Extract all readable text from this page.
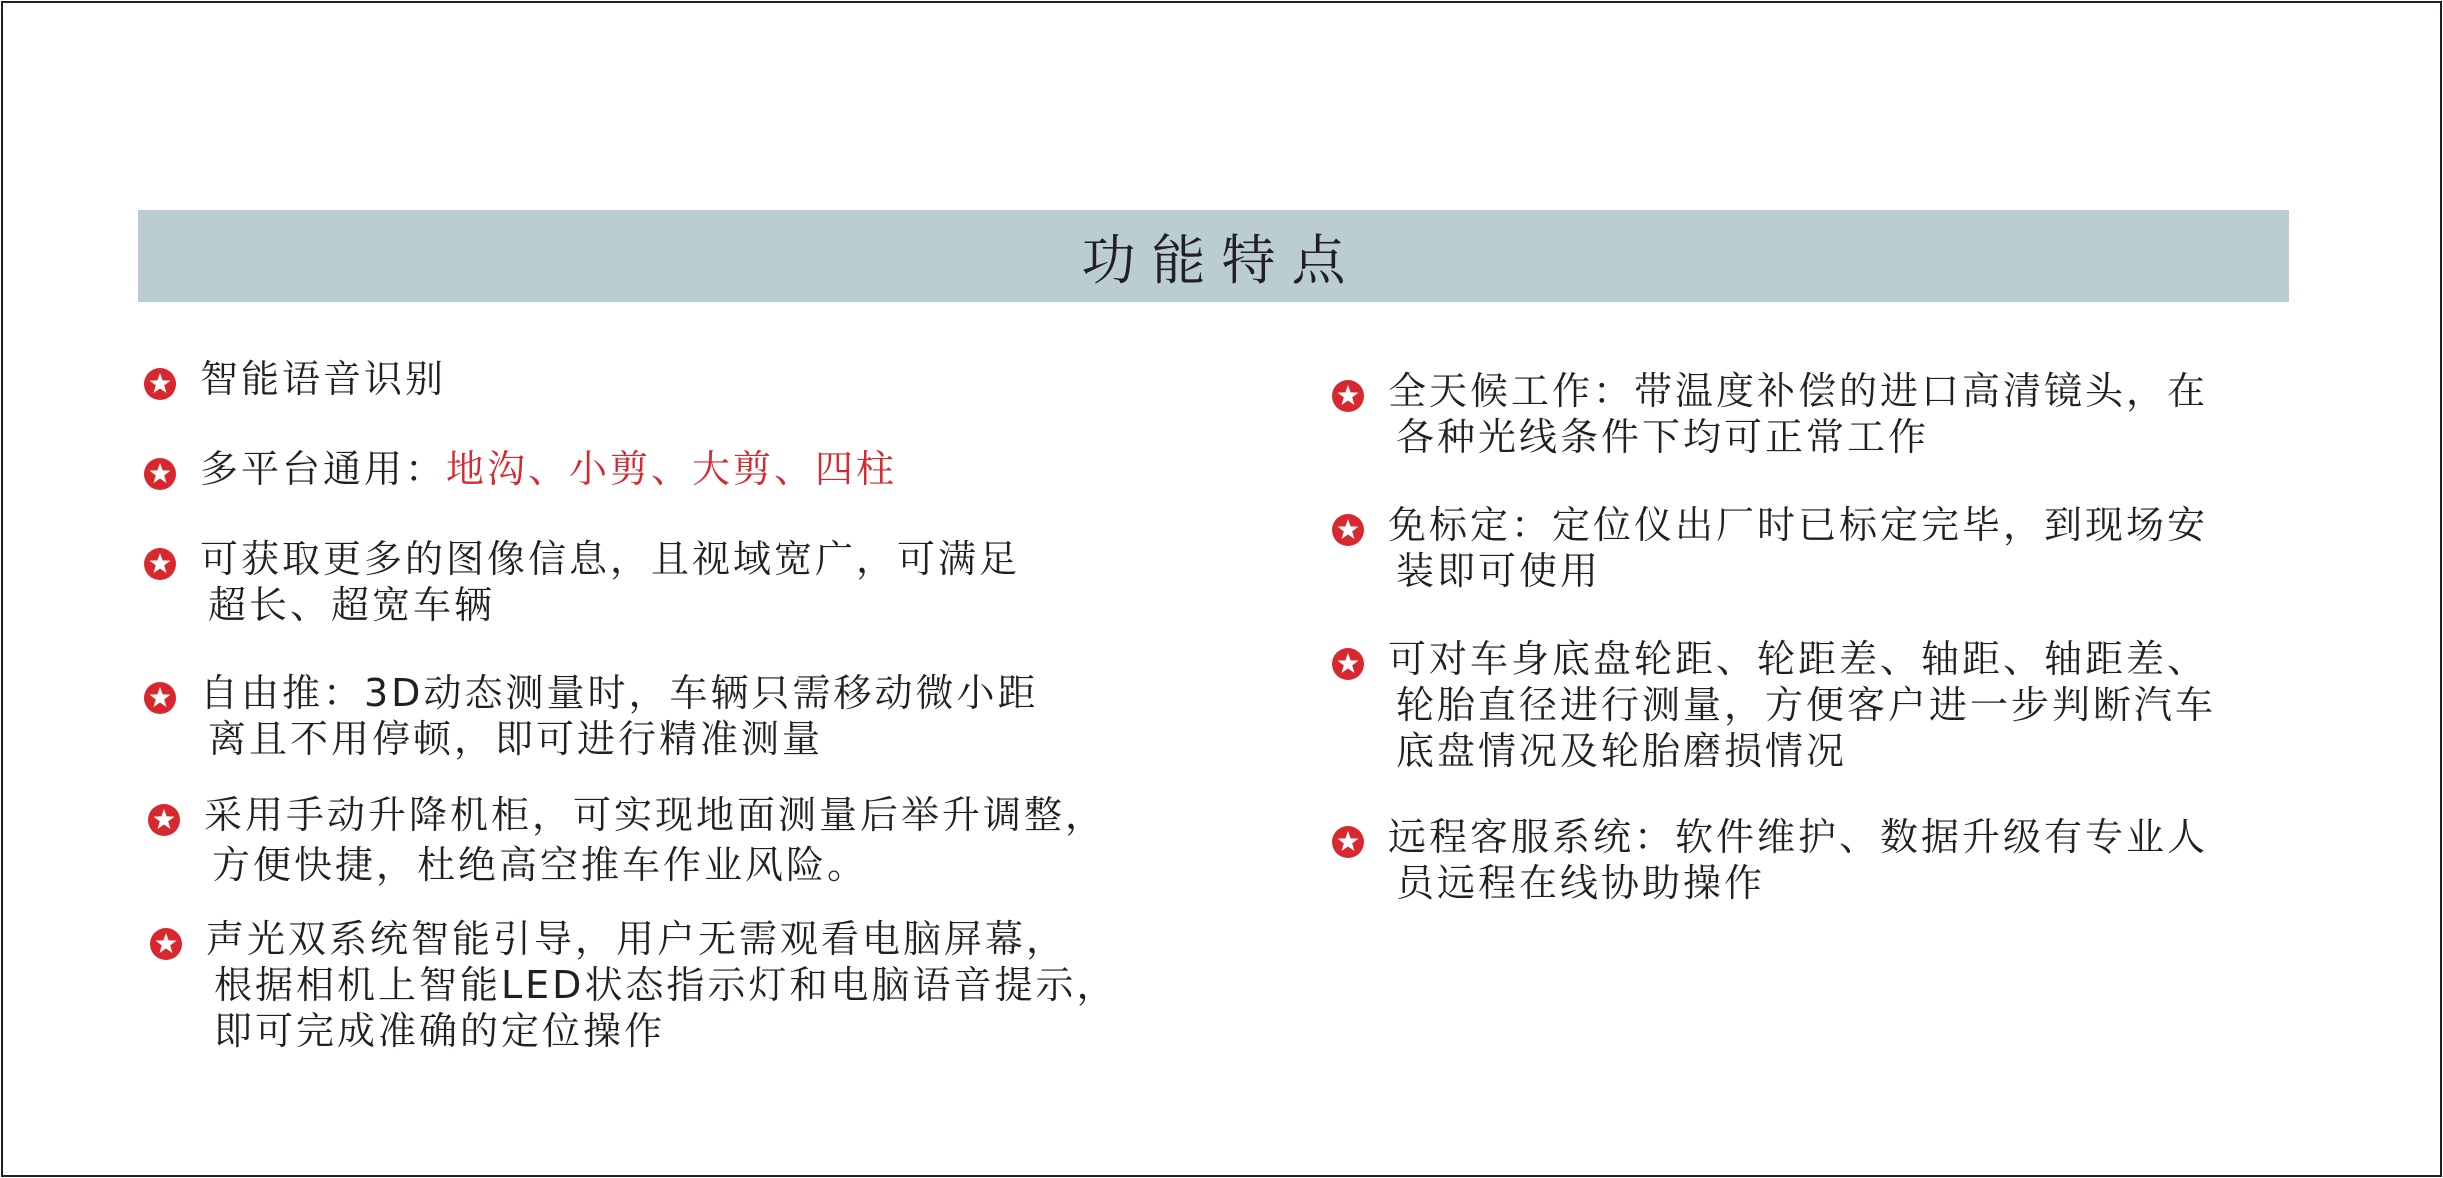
功能特点
智能语音识别
多平台通用：地沟、小剪、大剪、四柱
可获取更多的图像信息，且视域宽广，可满足
超长、超宽车辆
自由推：3D动态测量时，车辆只需移动微小距
离且不用停顿，即可进行精准测量
采用手动升降机柜，可实现地面测量后举升调整，
方便快捷，杜绝高空推车作业风险。
声光双系统智能引导，用户无需观看电脑屏幕，
根据相机上智能LED状态指示灯和电脑语音提示，
即可完成准确的定位操作
全天候工作：带温度补偿的进口高清镜头，在
各种光线条件下均可正常工作
免标定：定位仪出厂时已标定完毕，到现场安
装即可使用
可对车身底盘轮距、轮距差、轴距、轴距差、
轮胎直径进行测量，方便客户进一步判断汽车
底盘情况及轮胎磨损情况
远程客服系统：软件维护、数据升级有专业人
员远程在线协助操作
